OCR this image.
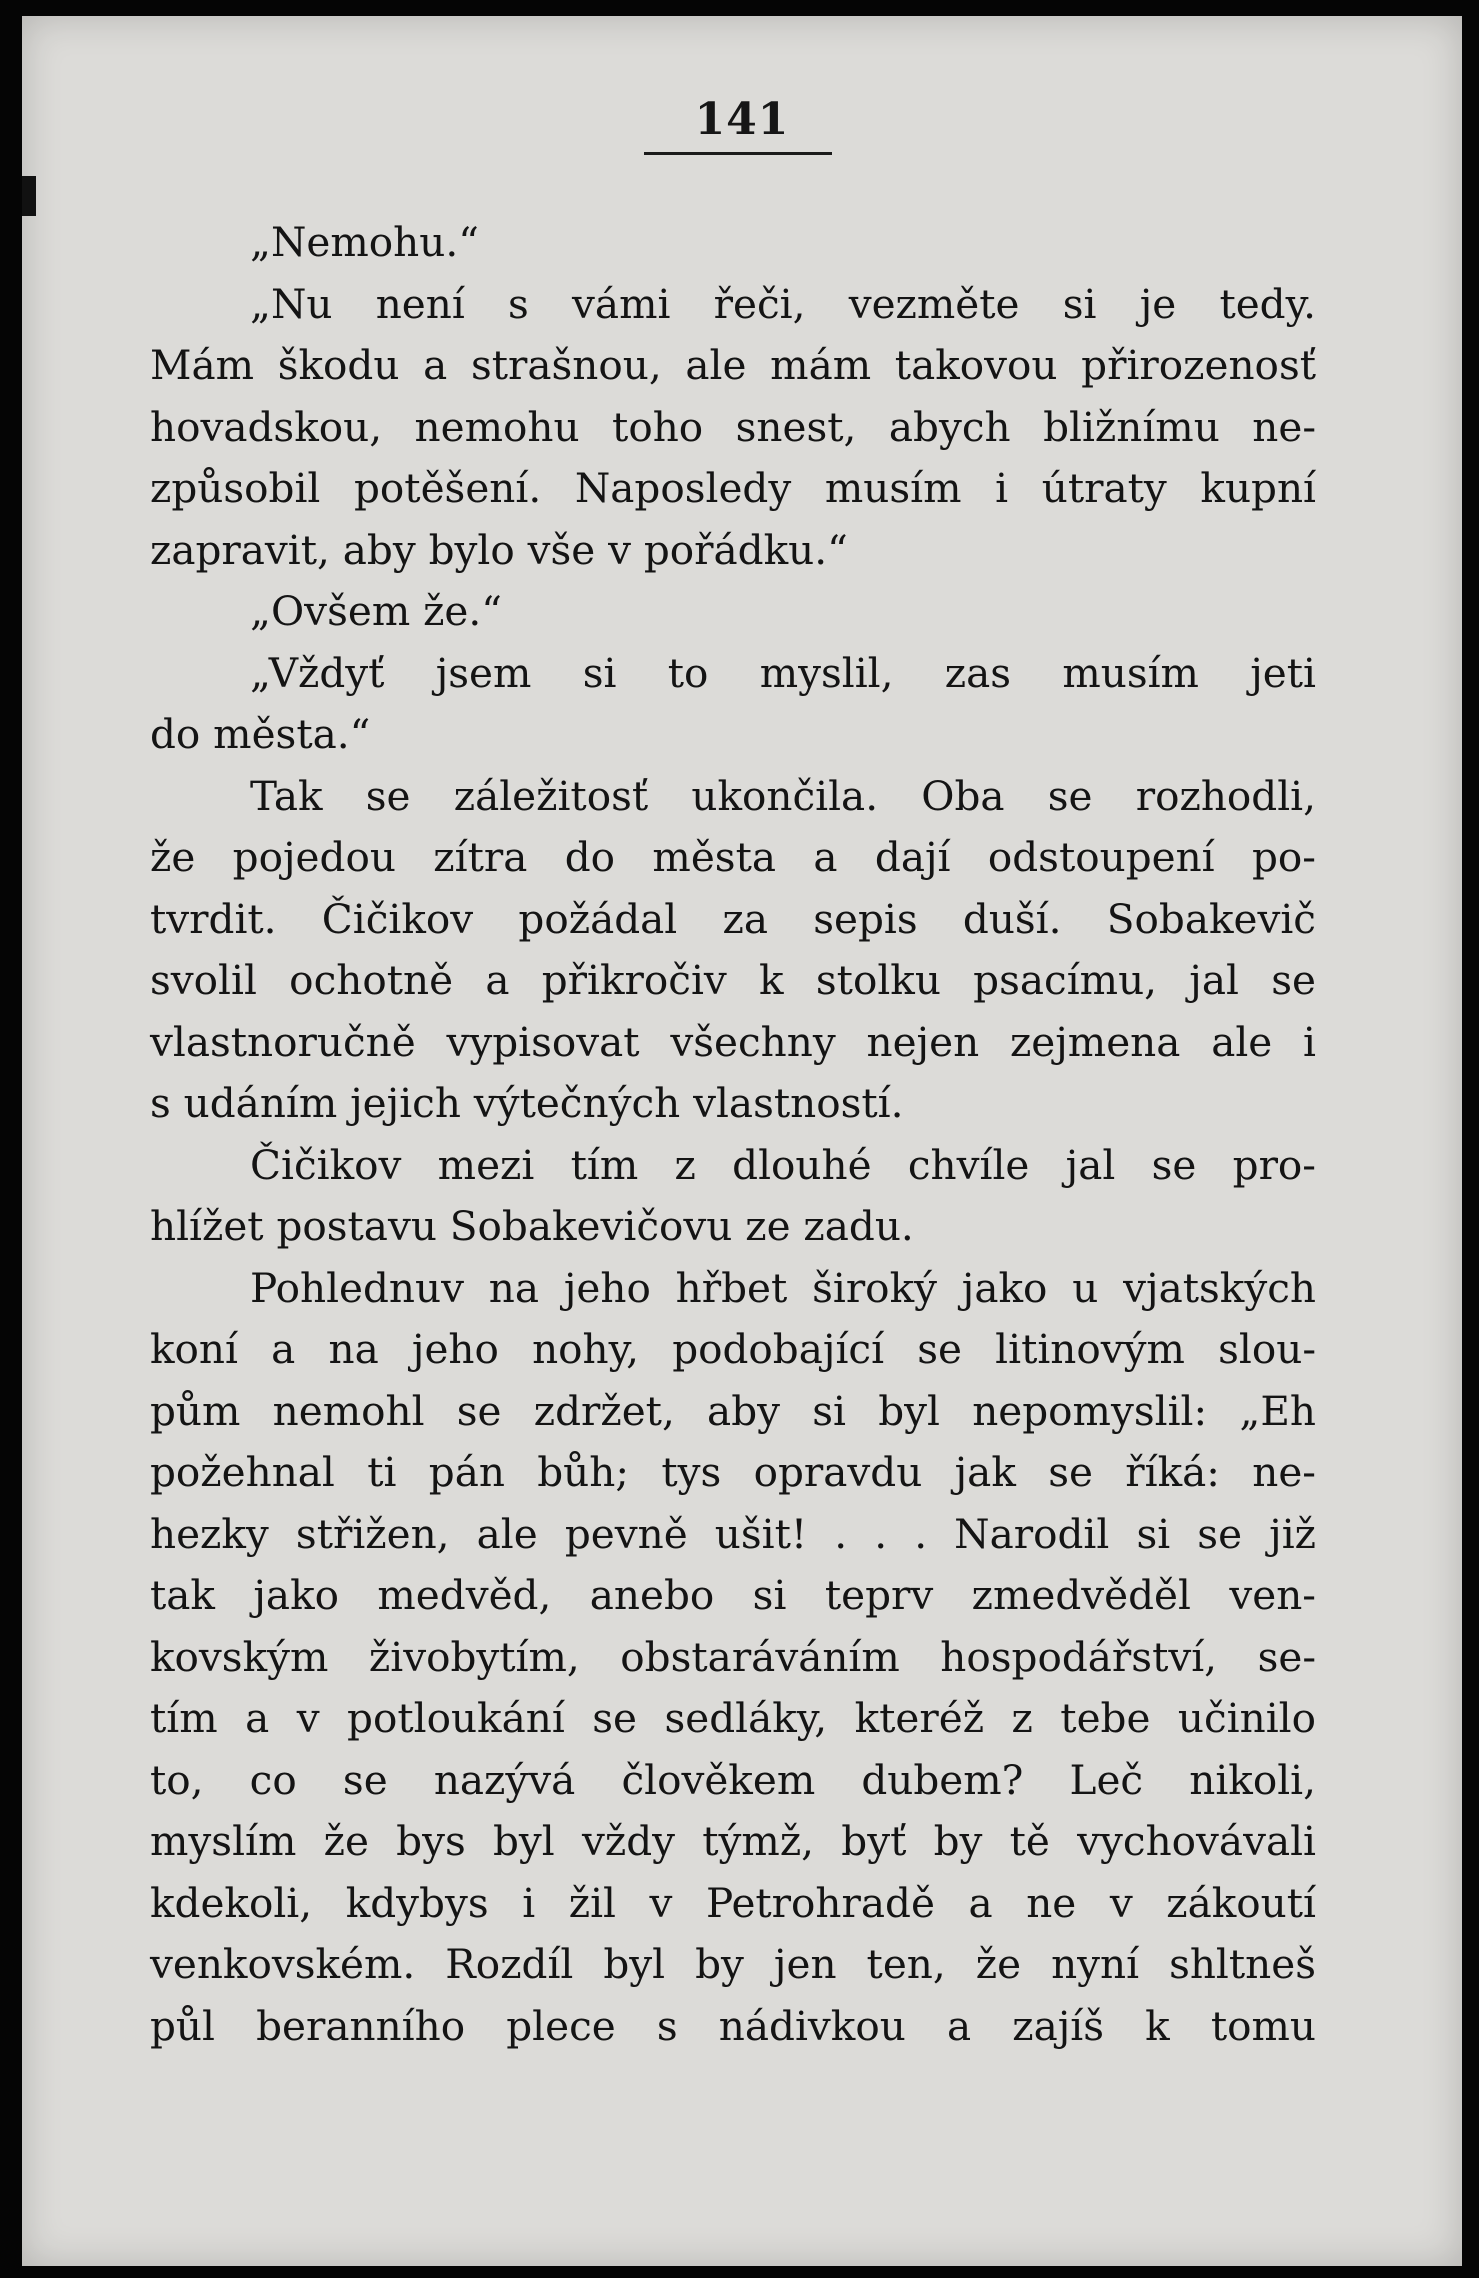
141
„Nemohu.“
„Nu není s vámi řeči, vezměte si je tedy.
Mám škodu a strašnou, ale mám takovou přirozenosť
hovadskou, nemohu toho snest, abych bližnímu ne-
způsobil potěšení. Naposledy musím i útraty kupní
zapravit, aby bylo vše v pořádku.“
„Ovšem že.“
„Vždyť jsem si to myslil, zas musím jeti
do města.“
Tak se záležitosť ukončila. Oba se rozhodli,
že pojedou zítra do města a dají odstoupení po-
tvrdit. Čičikov požádal za sepis duší. Sobakevič
svolil ochotně a přikročiv k stolku psacímu, jal se
vlastnoručně vypisovat všechny nejen zejmena ale i
s udáním jejich výtečných vlastností.
Čičikov mezi tím z dlouhé chvíle jal se pro-
hlížet postavu Sobakevičovu ze zadu.
Pohlednuv na jeho hřbet široký jako u vjatských
koní a na jeho nohy, podobající se litinovým slou-
pům nemohl se zdržet, aby si byl nepomyslil: „Eh
požehnal ti pán bůh; tys opravdu jak se říká: ne-
hezky střižen, ale pevně ušit! . . . Narodil si se již
tak jako medvěd, anebo si teprv zmedvěděl ven-
kovským živobytím, obstaráváním hospodářství, se-
tím a v potloukání se sedláky, kteréž z tebe učinilo
to, co se nazývá člověkem dubem? Leč nikoli,
myslím že bys byl vždy týmž, byť by tě vychovávali
kdekoli, kdybys i žil v Petrohradě a ne v zákoutí
venkovském. Rozdíl byl by jen ten, že nyní shltneš
půl beranního plece s nádivkou a zajíš k tomu
